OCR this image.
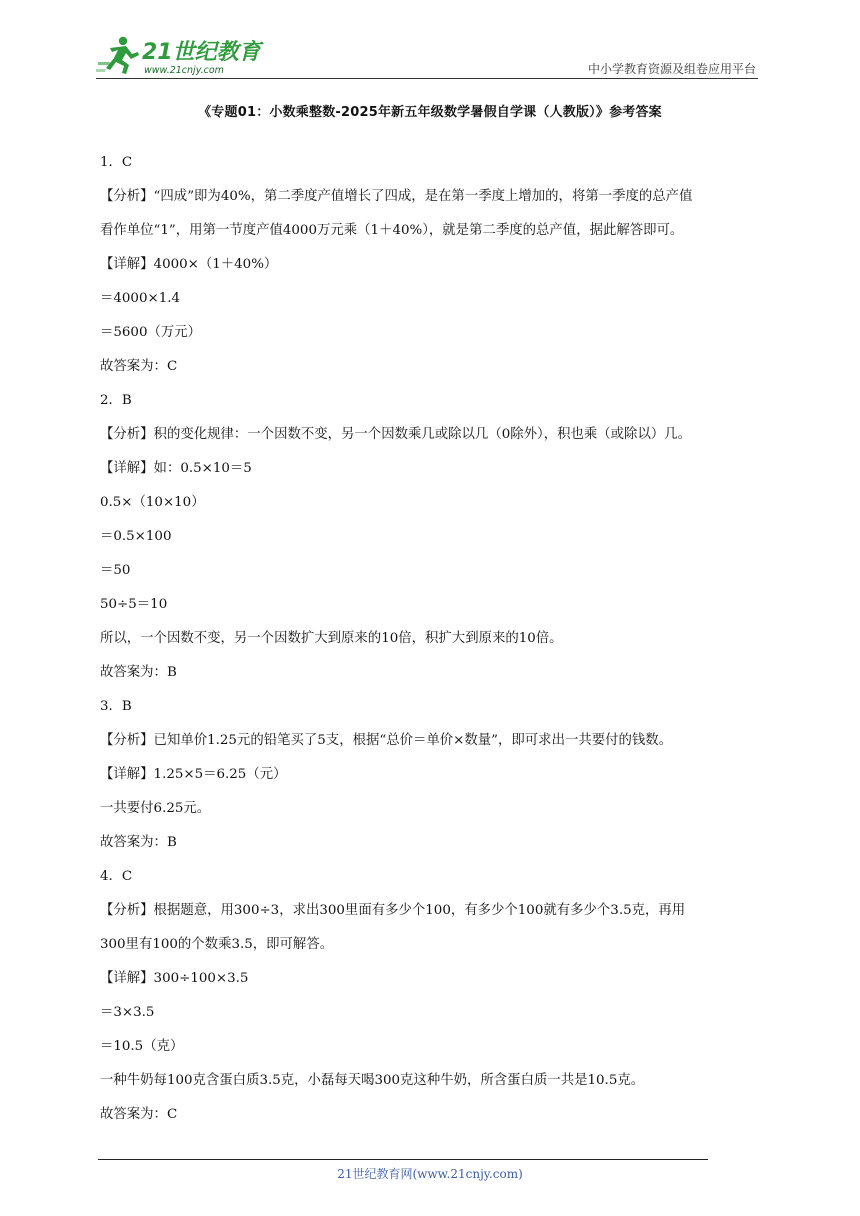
21世纪教育
www.21cnjy.com	中小学教育资源及组卷应用平台
《专题01：小数乘整数-2025年新五年级数学暑假自学课（人教版）》参考答案
1．C
【分析】“四成”即为40%，第二季度产值增长了四成，是在第一季度上增加的，将第一季度的总产值
看作单位“1”，用第一节度产值4000万元乘（1＋40%），就是第二季度的总产值，据此解答即可。
【详解】4000×（1＋40%）
＝4000×1.4
＝5600（万元）
故答案为：C
2．B
【分析】积的变化规律：一个因数不变，另一个因数乘几或除以几（0除外），积也乘（或除以）几。
【详解】如：0.5×10＝5
0.5×（10×10）
＝0.5×100
＝50
50÷5＝10
所以，一个因数不变，另一个因数扩大到原来的10倍，积扩大到原来的10倍。
故答案为：B
3．B
【分析】已知单价1.25元的铅笔买了5支，根据“总价＝单价×数量”，即可求出一共要付的钱数。
【详解】1.25×5＝6.25（元）
一共要付6.25元。
故答案为：B
4．C
【分析】根据题意，用300÷3，求出300里面有多少个100，有多少个100就有多少个3.5克，再用
300里有100的个数乘3.5，即可解答。
【详解】300÷100×3.5
＝3×3.5
＝10.5（克）
一种牛奶每100克含蛋白质3.5克，小磊每天喝300克这种牛奶，所含蛋白质一共是10.5克。
故答案为：C
21世纪教育网(www.21cnjy.com)
